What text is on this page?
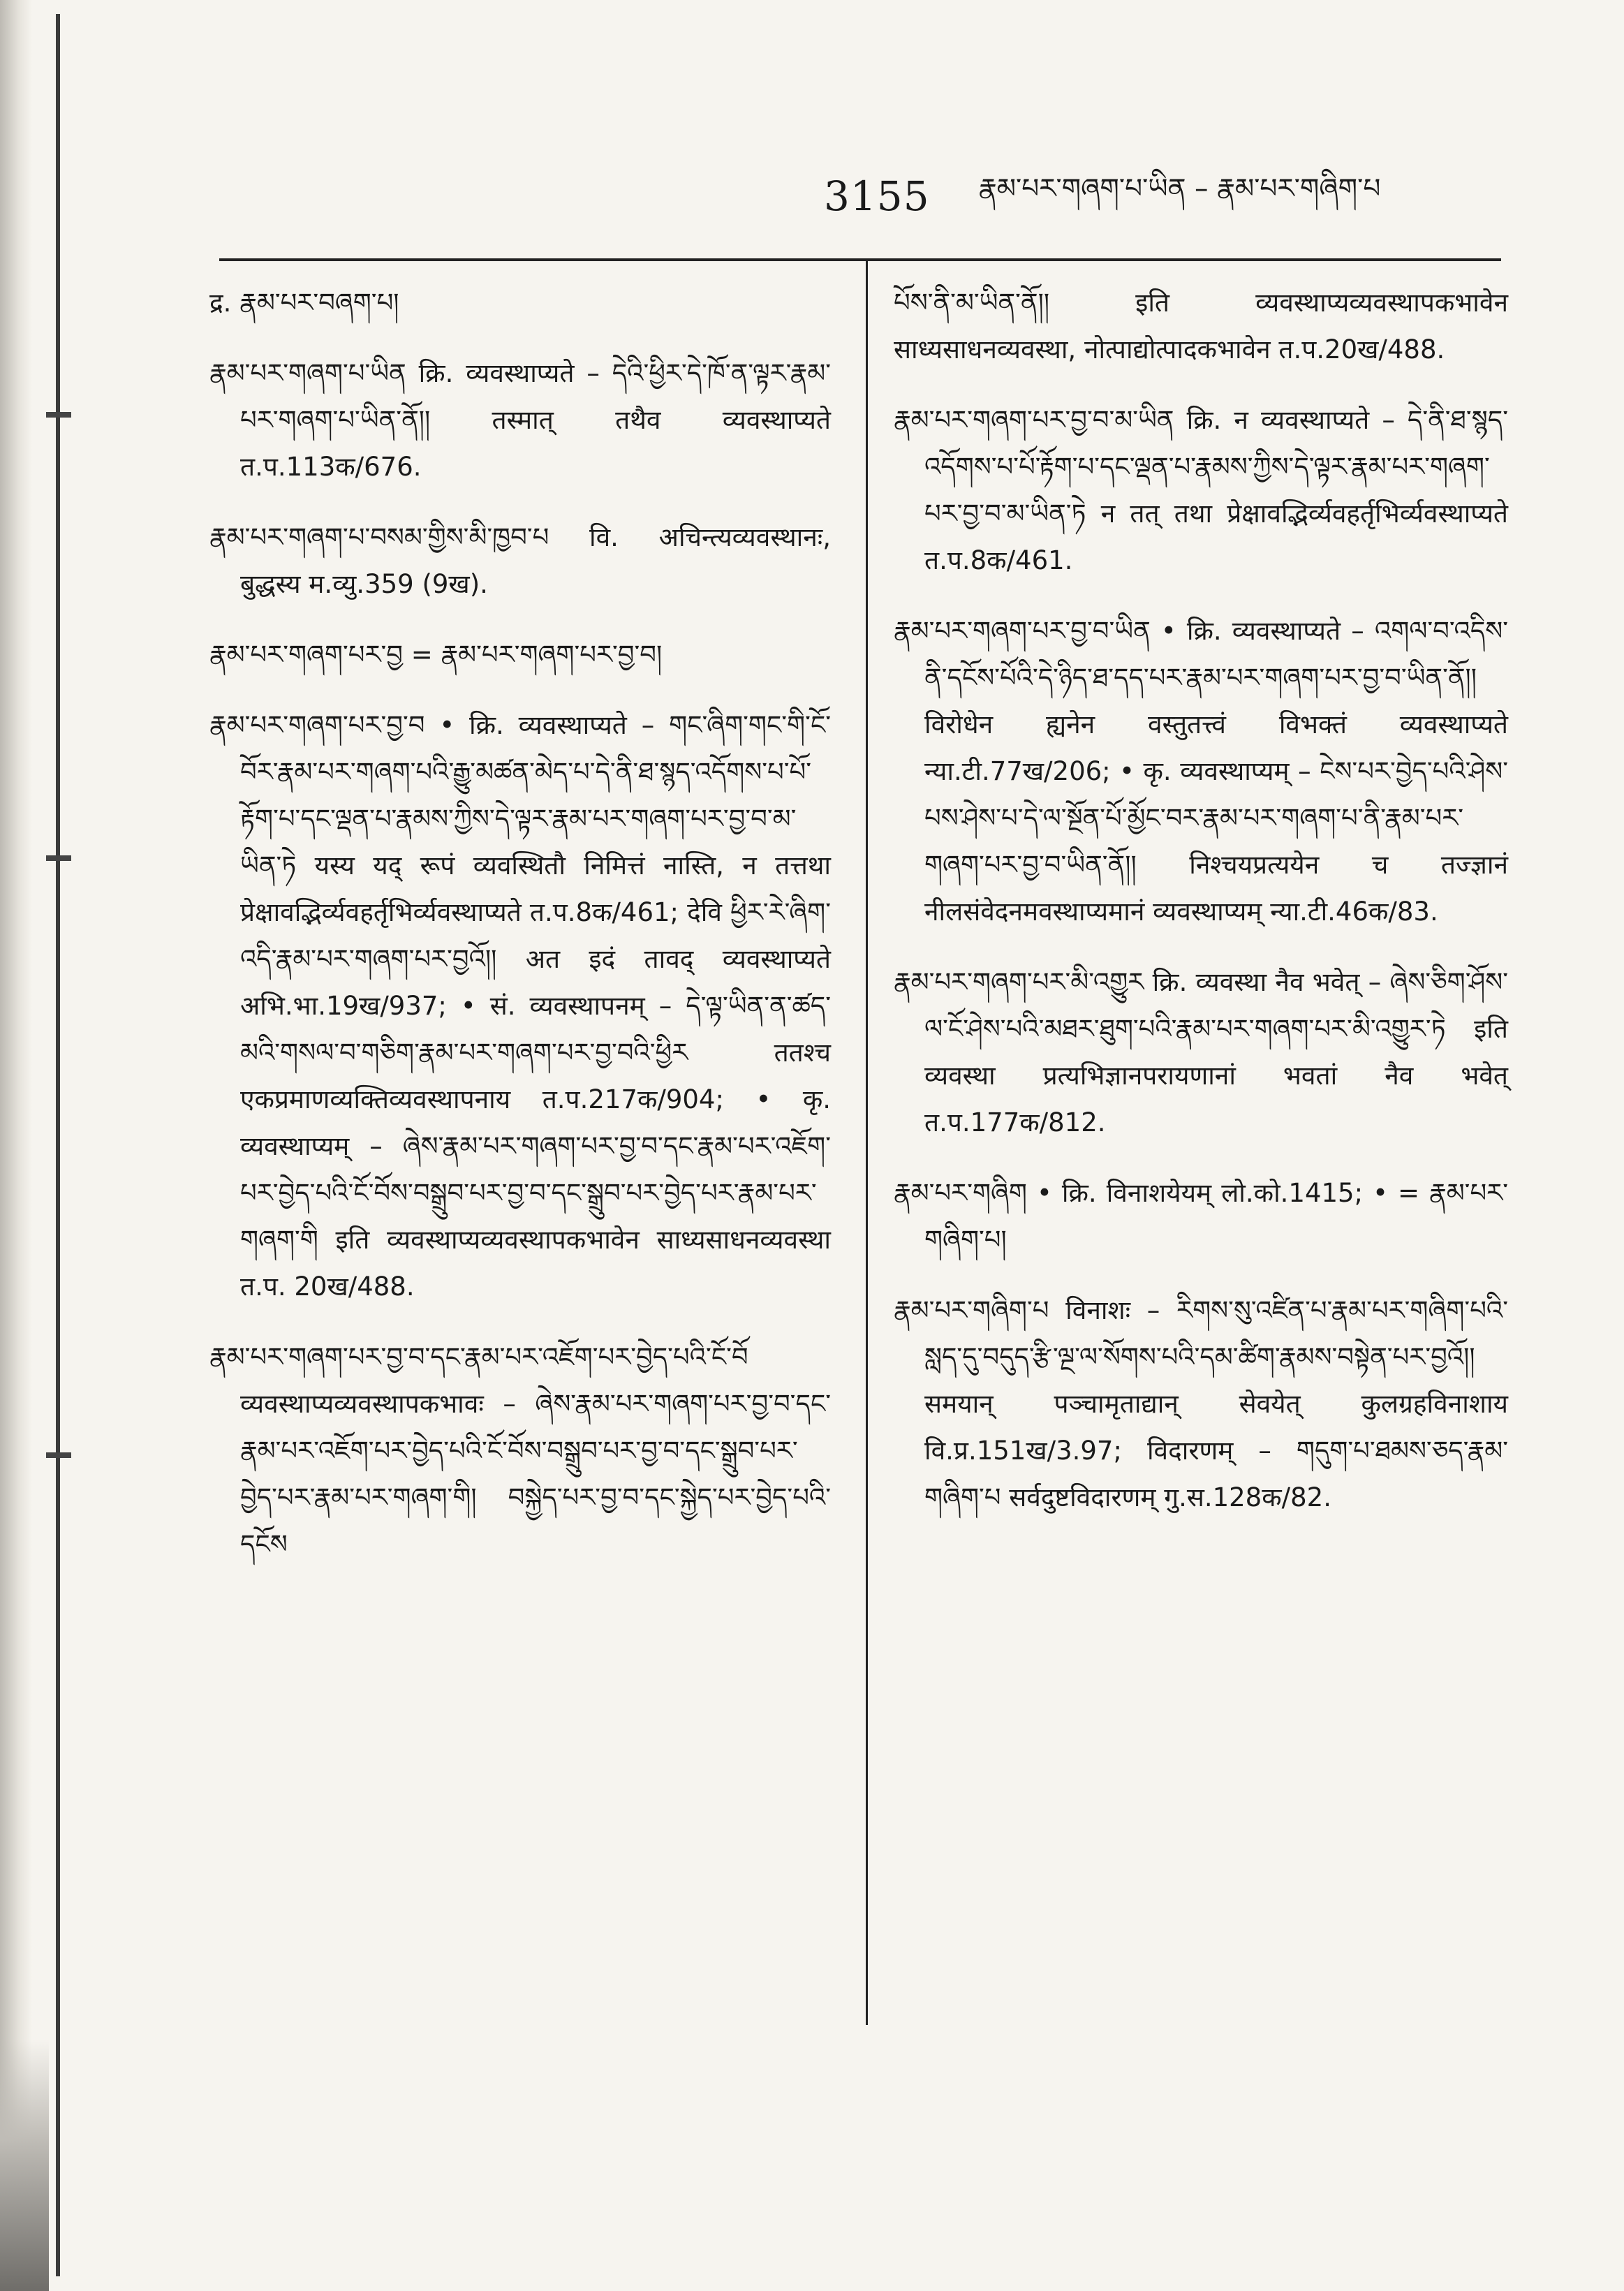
3155 རྣམ་པར་གཞག་པ་ཡིན – རྣམ་པར་གཞིག་པ

द्र. རྣམ་པར་བཞག་པ།

རྣམ་པར་གཞག་པ་ཡིན क्रि. व्यवस्थाप्यते – དེའི་ཕྱིར་དེ་ཁོ་ན་ལྟར་རྣམ་པར་གཞག་པ་ཡིན་ནོ།། तस्मात् तथैव व्यवस्थाप्यते त.प.113क/676.

རྣམ་པར་གཞག་པ་བསམ་གྱིས་མི་ཁྱབ་པ वि. अचिन्त्यव्यवस्थानः, बुद्धस्य म.व्यु.359 (9ख).

རྣམ་པར་གཞག་པར་བྱ = རྣམ་པར་གཞག་པར་བྱ་བ།

རྣམ་པར་གཞག་པར་བྱ་བ • क्रि. व्यवस्थाप्यते – གང་ཞིག་གང་གི་ངོ་བོར་རྣམ་པར་གཞག་པའི་རྒྱུ་མཚན་མེད་པ་དེ་ནི་ཐ་སྙད་འདོགས་པ་པོ་རྟོག་པ་དང་ལྡན་པ་རྣམས་ཀྱིས་དེ་ལྟར་རྣམ་པར་གཞག་པར་བྱ་བ་མ་ཡིན་ཏེ यस्य यद् रूपं व्यवस्थितौ निमित्तं नास्ति, न तत्तथा प्रेक्षावद्भिर्व्यवहर्तृभिर्व्यवस्थाप्यते त.प.8क/461; देवि ཕྱིར་རེ་ཞིག་འདི་རྣམ་པར་གཞག་པར་བྱའོ།། अत इदं तावद् व्यवस्थाप्यते अभि.भा.19ख/937; • सं. व्यवस्थापनम् – དེ་ལྟ་ཡིན་ན་ཚད་མའི་གསལ་བ་གཅིག་རྣམ་པར་གཞག་པར་བྱ་བའི་ཕྱིར ततश्च एकप्रमाणव्यक्तिव्यवस्थापनाय त.प.217क/904; • कृ. व्यवस्थाप्यम् – ཞེས་རྣམ་པར་གཞག་པར་བྱ་བ་དང་རྣམ་པར་འཇོག་པར་བྱེད་པའི་ངོ་བོས་བསྒྲུབ་པར་བྱ་བ་དང་སྒྲུབ་པར་བྱེད་པར་རྣམ་པར་གཞག་གི इति व्यवस्थाप्यव्यवस्थापकभावेन साध्यसाधनव्यवस्था त.प. 20ख/488.

རྣམ་པར་གཞག་པར་བྱ་བ་དང་རྣམ་པར་འཇོག་པར་བྱེད་པའི་ངོ་བོ व्यवस्थाप्यव्यवस्थापकभावः – ཞེས་རྣམ་པར་གཞག་པར་བྱ་བ་དང་རྣམ་པར་འཇོག་པར་བྱེད་པའི་ངོ་བོས་བསྒྲུབ་པར་བྱ་བ་དང་སྒྲུབ་པར་བྱེད་པར་རྣམ་པར་གཞག་གི། བསྐྱེད་པར་བྱ་བ་དང་སྐྱེད་པར་བྱེད་པའི་དངོས

པོས་ནི་མ་ཡིན་ནོ།། इति व्यवस्थाप्यव्यवस्थापकभावेन साध्यसाधनव्यवस्था, नोत्पाद्योत्पादकभावेन त.प.20ख/488.

རྣམ་པར་གཞག་པར་བྱ་བ་མ་ཡིན क्रि. न व्यवस्थाप्यते – དེ་ནི་ཐ་སྙད་འདོགས་པ་པོ་རྟོག་པ་དང་ལྡན་པ་རྣམས་ཀྱིས་དེ་ལྟར་རྣམ་པར་གཞག་པར་བྱ་བ་མ་ཡིན་ཏེ न तत् तथा प्रेक्षावद्भिर्व्यवहर्तृभिर्व्यवस्थाप्यते त.प.8क/461.

རྣམ་པར་གཞག་པར་བྱ་བ་ཡིན • क्रि. व्यवस्थाप्यते – འགལ་བ་འདིས་ནི་དངོས་པོའི་དེ་ཉིད་ཐ་དད་པར་རྣམ་པར་གཞག་པར་བྱ་བ་ཡིན་ནོ།། विरोधेन ह्यनेन वस्तुतत्त्वं विभक्तं व्यवस्थाप्यते न्या.टी.77ख/206; • कृ. व्यवस्थाप्यम् – ངེས་པར་བྱེད་པའི་ཤེས་པས་ཤེས་པ་དེ་ལ་སྔོན་པོ་མྱོང་བར་རྣམ་པར་གཞག་པ་ནི་རྣམ་པར་གཞག་པར་བྱ་བ་ཡིན་ནོ།། निश्चयप्रत्ययेन च तज्ज्ञानं नीलसंवेदनमवस्थाप्यमानं व्यवस्थाप्यम् न्या.टी.46क/83.

རྣམ་པར་གཞག་པར་མི་འགྱུར क्रि. व्यवस्था नैव भवेत् – ཞེས་ཅིག་ཤོས་ལ་ངོ་ཤེས་པའི་མཐར་ཐུག་པའི་རྣམ་པར་གཞག་པར་མི་འགྱུར་ཏེ इति व्यवस्था प्रत्यभिज्ञानपरायणानां भवतां नैव भवेत् त.प.177क/812.

རྣམ་པར་གཞིག • क्रि. विनाशयेयम् लो.को.1415; • = རྣམ་པར་གཞིག་པ།

རྣམ་པར་གཞིག་པ विनाशः – རིགས་སུ་འཛིན་པ་རྣམ་པར་གཞིག་པའི་སླད་དུ་བདུད་རྩི་ལྔ་ལ་སོགས་པའི་དམ་ཚིག་རྣམས་བསྟེན་པར་བྱའོ།། समयान् पञ्चामृताद्यान् सेवयेत् कुलग्रहविनाशाय वि.प्र.151ख/3.97; विदारणम् – གདུག་པ་ཐམས་ཅད་རྣམ་གཞིག་པ सर्वदुष्टविदारणम् गु.स.128क/82.
